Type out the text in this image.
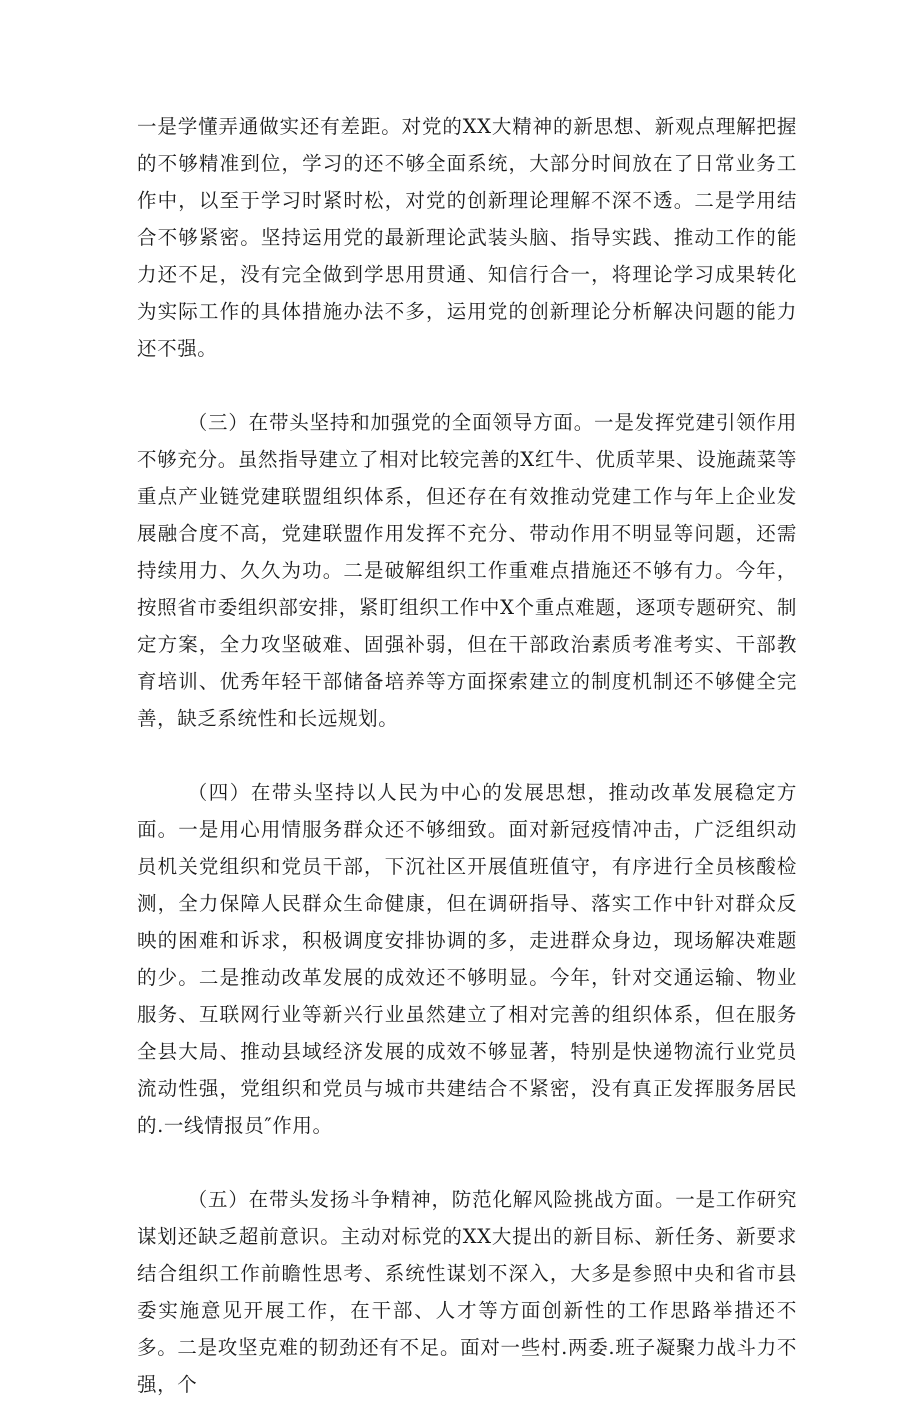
一是学懂弄通做实还有差距。对党的XX大精神的新思想、新观点理解把握的不够精准到位，学习的还不够全面系统，大部分时间放在了日常业务工作中，以至于学习时紧时松，对党的创新理论理解不深不透。二是学用结合不够紧密。坚持运用党的最新理论武装头脑、指导实践、推动工作的能力还不足，没有完全做到学思用贯通、知信行合一，将理论学习成果转化为实际工作的具体措施办法不多，运用党的创新理论分析解决问题的能力还不强。

（三）在带头坚持和加强党的全面领导方面。一是发挥党建引领作用不够充分。虽然指导建立了相对比较完善的X红牛、优质苹果、设施蔬菜等重点产业链党建联盟组织体系，但还存在有效推动党建工作与年上企业发展融合度不高，党建联盟作用发挥不充分、带动作用不明显等问题，还需持续用力、久久为功。二是破解组织工作重难点措施还不够有力。今年，按照省市委组织部安排，紧盯组织工作中X个重点难题，逐项专题研究、制定方案，全力攻坚破难、固强补弱，但在干部政治素质考准考实、干部教育培训、优秀年轻干部储备培养等方面探索建立的制度机制还不够健全完善，缺乏系统性和长远规划。

（四）在带头坚持以人民为中心的发展思想，推动改革发展稳定方面。一是用心用情服务群众还不够细致。面对新冠疫情冲击，广泛组织动员机关党组织和党员干部，下沉社区开展值班值守，有序进行全员核酸检测，全力保障人民群众生命健康，但在调研指导、落实工作中针对群众反映的困难和诉求，积极调度安排协调的多，走进群众身边，现场解决难题的少。二是推动改革发展的成效还不够明显。今年，针对交通运输、物业服务、互联网行业等新兴行业虽然建立了相对完善的组织体系，但在服务全县大局、推动县域经济发展的成效不够显著，特别是快递物流行业党员流动性强，党组织和党员与城市共建结合不紧密，没有真正发挥服务居民的.一线情报员″作用。

（五）在带头发扬斗争精神，防范化解风险挑战方面。一是工作研究谋划还缺乏超前意识。主动对标党的XX大提出的新目标、新任务、新要求结合组织工作前瞻性思考、系统性谋划不深入，大多是参照中央和省市县委实施意见开展工作，在干部、人才等方面创新性的工作思路举措还不多。二是攻坚克难的韧劲还有不足。面对一些村.两委.班子凝聚力战斗力不强，个
